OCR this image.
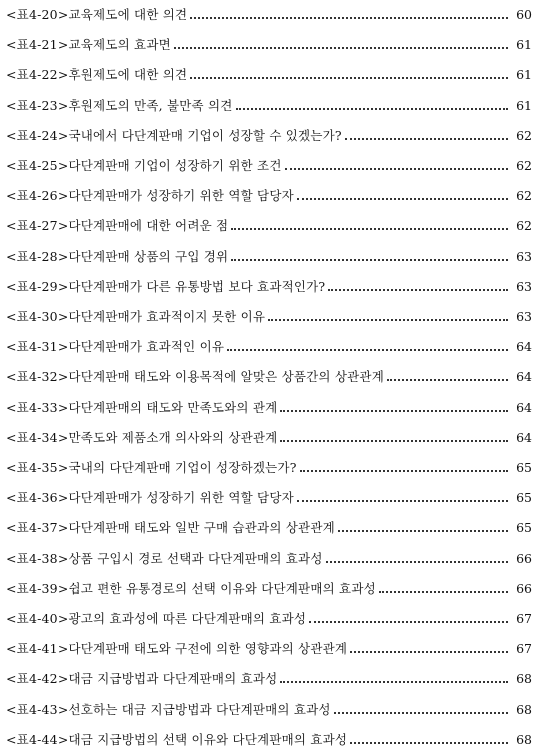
<표4-20>교육제도에 대한 의견	60
<표4-21>교육제도의 효과면	61
<표4-22>후원제도에 대한 의견	61
<표4-23>후원제도의 만족, 불만족 의견	61
<표4-24>국내에서 다단계판매 기업이 성장할 수 있겠는가?	62
<표4-25>다단계판매 기업이 성장하기 위한 조건	62
<표4-26>다단계판매가 성장하기 위한 역할 담당자	62
<표4-27>다단계판매에 대한 어려운 점	62
<표4-28>다단계판매 상품의 구입 경위	63
<표4-29>다단계판매가 다른 유통방법 보다 효과적인가?	63
<표4-30>다단계판매가 효과적이지 못한 이유	63
<표4-31>다단계판매가 효과적인 이유	64
<표4-32>다단계판매 태도와 이용목적에 알맞은 상품간의 상관관계	64
<표4-33>다단계판매의 태도와 만족도와의 관계	64
<표4-34>만족도와 제품소개 의사와의 상관관계	64
<표4-35>국내의 다단계판매 기업이 성장하겠는가?	65
<표4-36>다단계판매가 성장하기 위한 역할 담당자	65
<표4-37>다단계판매 태도와 일반 구매 습관과의 상관관계	65
<표4-38>상품 구입시 경로 선택과 다단계판매의 효과성	66
<표4-39>쉽고 편한 유통경로의 선택 이유와 다단계판매의 효과성	66
<표4-40>광고의 효과성에 따른 다단계판매의 효과성	67
<표4-41>다단계판매 태도와 구전에 의한 영향과의 상관관계	67
<표4-42>대금 지급방법과 다단계판매의 효과성	68
<표4-43>선호하는 대금 지급방법과 다단계판매의 효과성	68
<표4-44>대금 지급방법의 선택 이유와 다단계판매의 효과성	68
